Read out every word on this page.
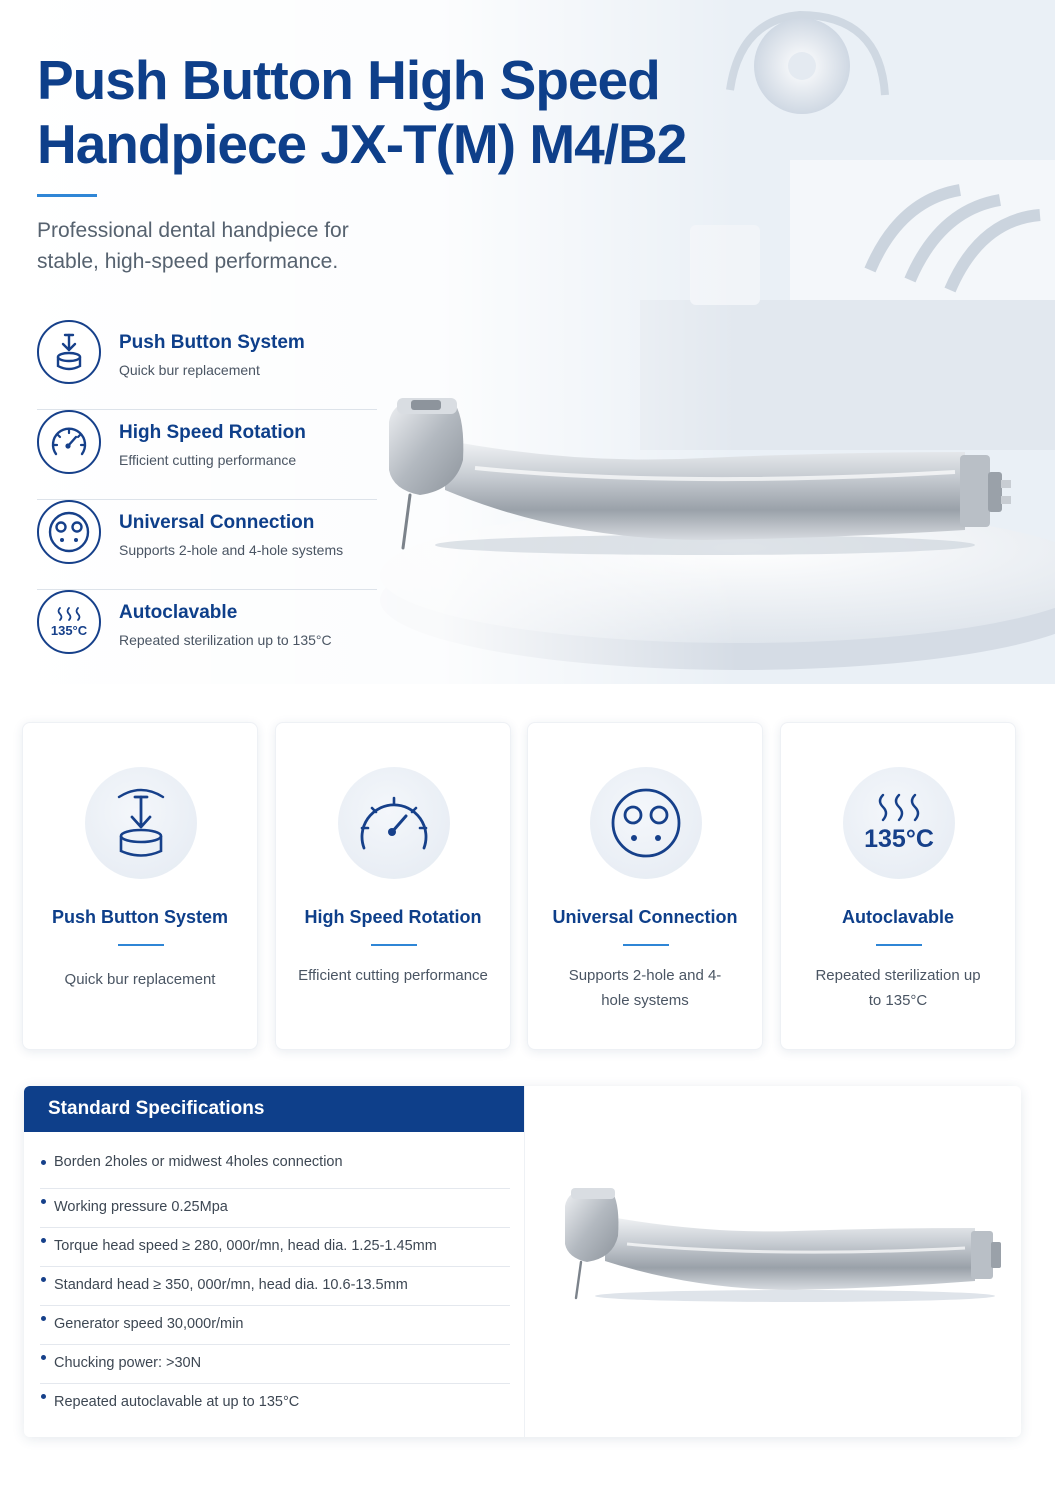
Push Button High Speed Handpiece JX-T(M) M4/B2

Professional dental handpiece for stable, high-speed performance.

Push Button System
Quick bur replacement
High Speed Rotation
Efficient cutting performance
Universal Connection
Supports 2-hole and 4-hole systems
135°C
Autoclavable
Repeated sterilization up to 135°C
Push Button System
Quick bur replacement
High Speed Rotation
Efficient cutting performance
Universal Connection
Supports 2-hole and 4-hole systems
135°C
Autoclavable
Repeated sterilization up to 135°C
Standard Specifications
Borden 2holes or midwest 4holes connection
Working pressure 0.25Mpa
Torque head speed ≥ 280, 000r/mn, head dia. 1.25-1.45mm
Standard head ≥ 350, 000r/mn, head dia. 10.6-13.5mm
Generator speed 30,000r/min
Chucking power: >30N
Repeated autoclavable at up to 135°C
